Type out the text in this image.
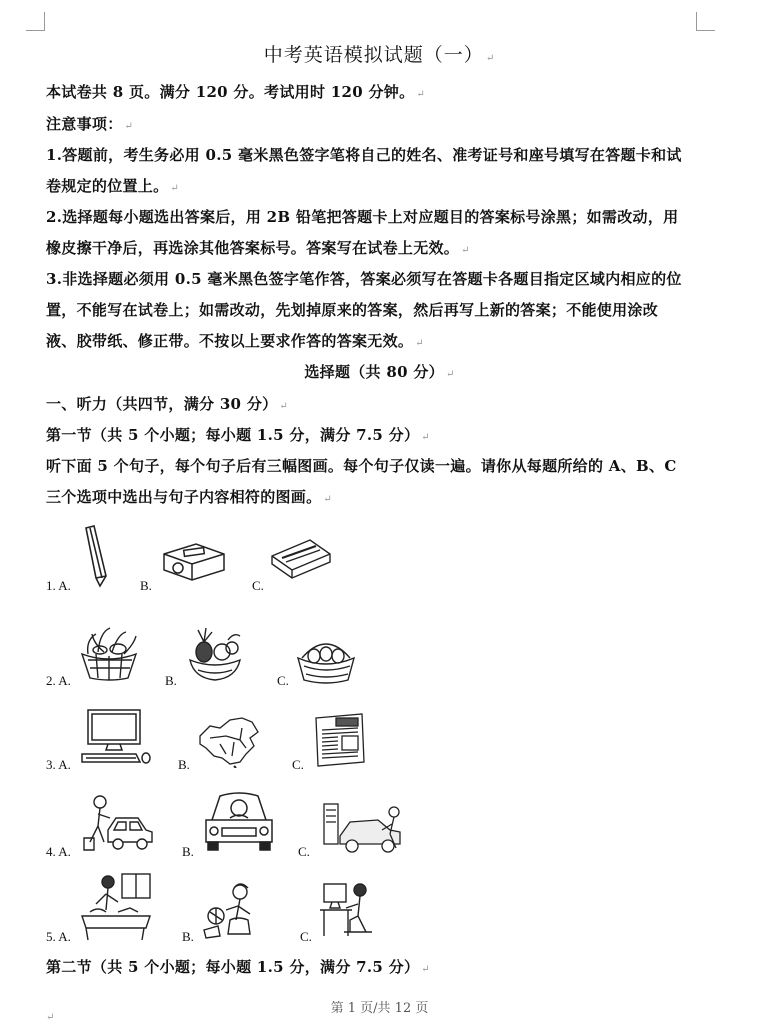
中考英语模拟试题（一） ↵
本试卷共 8 页。满分 120 分。考试用时 120 分钟。 ↵
注意事项： ↵
1.答题前，考生务必用 0.5 毫米黑色签字笔将自己的姓名、准考证号和座号填写在答题卡和试
卷规定的位置上。 ↵
2.选择题每小题选出答案后，用 2B 铅笔把答题卡上对应题目的答案标号涂黑；如需改动，用
橡皮擦干净后，再选涂其他答案标号。答案写在试卷上无效。 ↵
3.非选择题必须用 0.5 毫米黑色签字笔作答，答案必须写在答题卡各题目指定区域内相应的位
置，不能写在试卷上；如需改动，先划掉原来的答案，然后再写上新的答案；不能使用涂改
液、胶带纸、修正带。不按以上要求作答的答案无效。 ↵
选择题（共 80 分） ↵
一、听力（共四节，满分 30 分） ↵
第一节（共 5 个小题；每小题 1.5 分，满分 7.5 分） ↵
听下面 5 个句子，每个句子后有三幅图画。每个句子仅读一遍。请你从每题所给的 A、B、C
三个选项中选出与句子内容相符的图画。 ↵
1. A.	B.	C.
2. A.	B.	C.
3. A.	B.	C.
4. A.	B.	C.
5. A.	B.	C.
第二节（共 5 个小题；每小题 1.5 分，满分 7.5 分） ↵
第 1 页/共 12 页
↵
